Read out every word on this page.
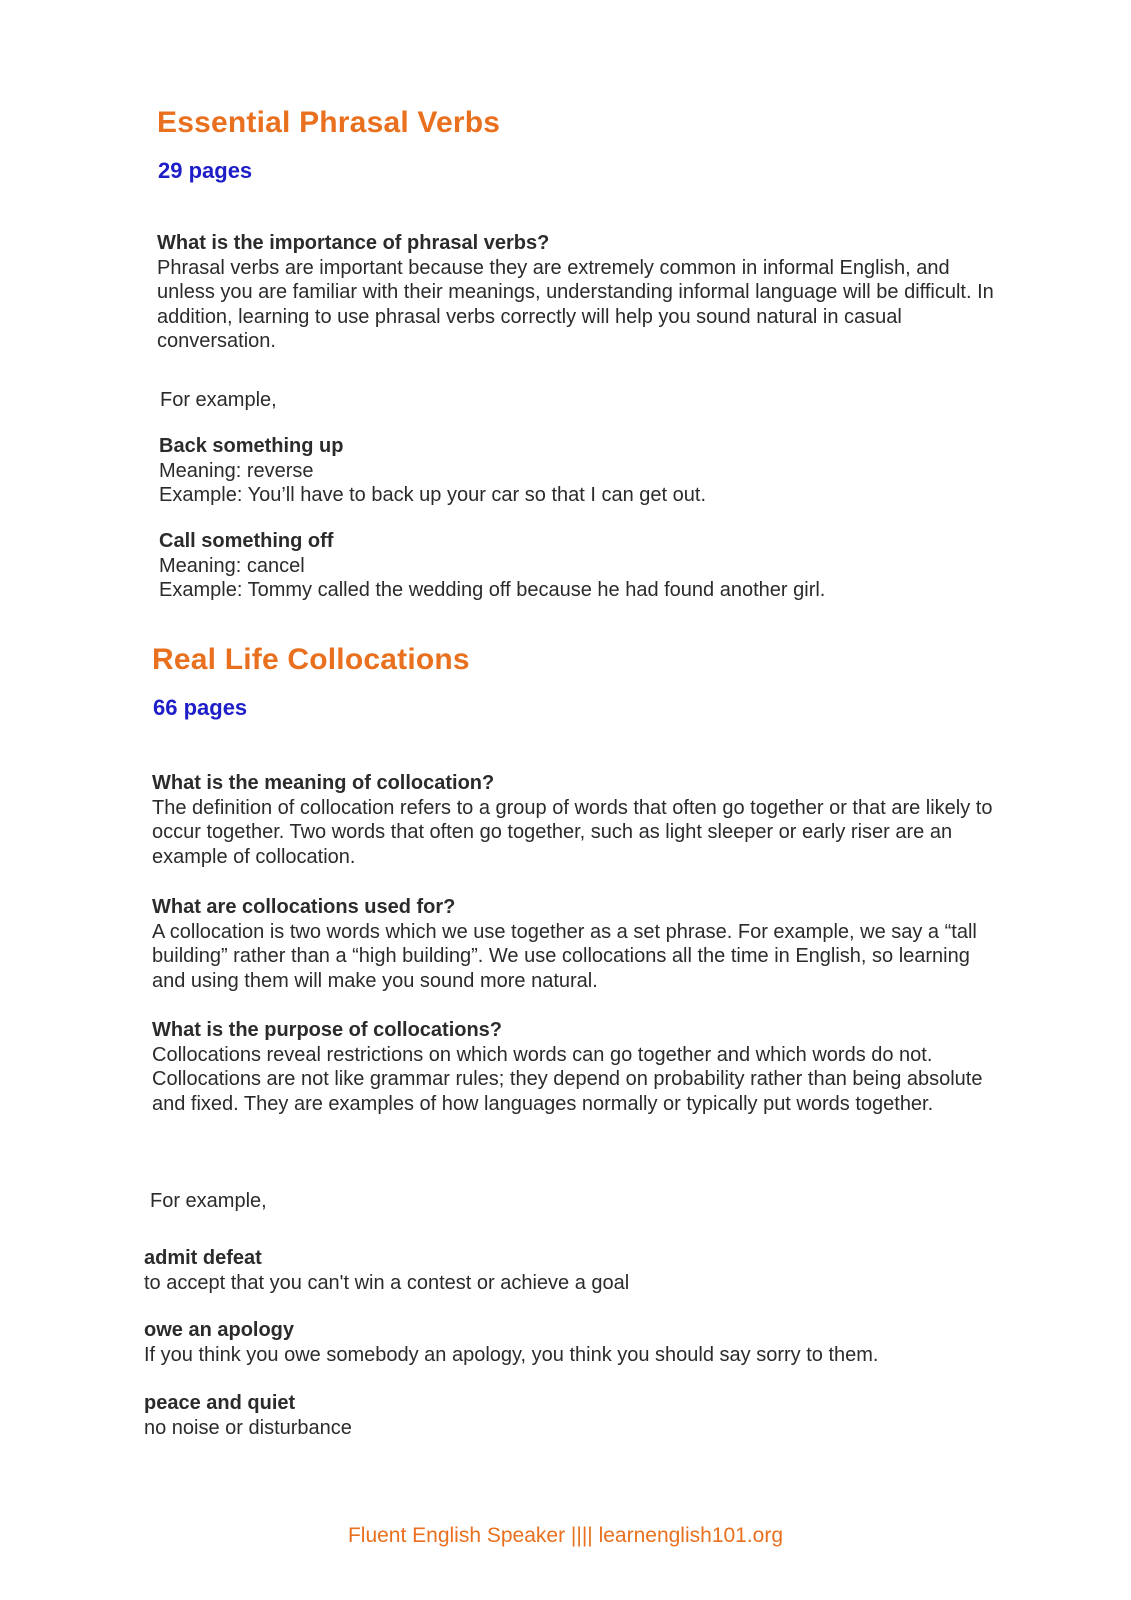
Essential Phrasal Verbs
29 pages

What is the importance of phrasal verbs?

Phrasal verbs are important because they are extremely common in informal English, and unless you are familiar with their meanings, understanding informal language will be difficult. In addition, learning to use phrasal verbs correctly will help you sound natural in casual conversation.

For example,

Back something up

Meaning: reverse

Example: You’ll have to back up your car so that I can get out.

Call something off

Meaning: cancel

Example: Tommy called the wedding off because he had found another girl.

Real Life Collocations
66 pages

What is the meaning of collocation?

The definition of collocation refers to a group of words that often go together or that are likely to occur together. Two words that often go together, such as light sleeper or early riser are an example of collocation.

What are collocations used for?

A collocation is two words which we use together as a set phrase. For example, we say a “tall building” rather than a “high building”. We use collocations all the time in English, so learning and using them will make you sound more natural.

What is the purpose of collocations?

Collocations reveal restrictions on which words can go together and which words do not. Collocations are not like grammar rules; they depend on probability rather than being absolute and fixed. They are examples of how languages normally or typically put words together.

For example,

admit defeat

to accept that you can't win a contest or achieve a goal

owe an apology

If you think you owe somebody an apology, you think you should say sorry to them.

peace and quiet

no noise or disturbance

Fluent English Speaker |||| learnenglish101.org
